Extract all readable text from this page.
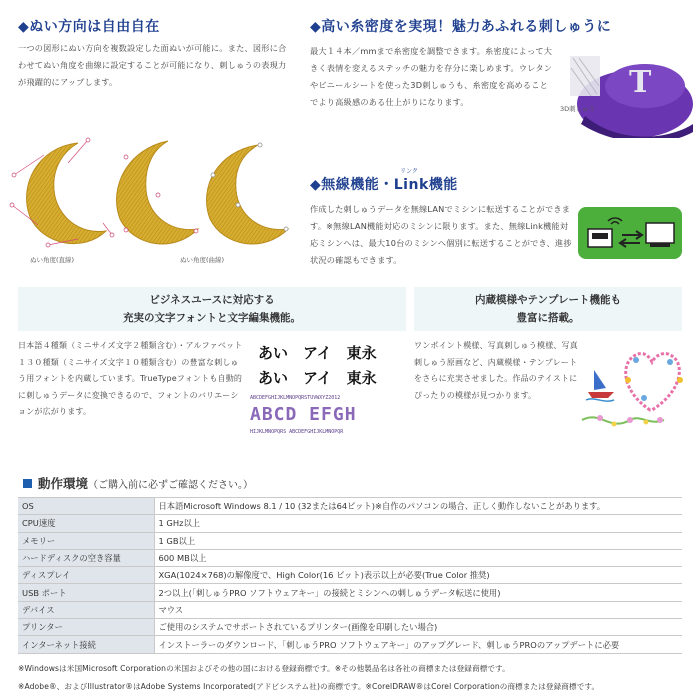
◆ぬい方向は自由自在
一つの図形にぬい方向を複数設定した面ぬいが可能に。また、図形に合わせてぬい角度を曲線に設定することが可能になり、刺しゅうの表現力が飛躍的にアップします。
ぬい角度(直線)	ぬい角度(曲線)
◆高い糸密度を実現！魅力あふれる刺しゅうに
最大１４本／mmまで糸密度を調整できます。糸密度によって大きく表情を変えるステッチの魅力を存分に楽しめます。ウレタンやビニールシートを使った3D刺しゅうも、糸密度を高めることでより高級感のある仕上がりになります。
T
3D刺しゅう
リンク
◆無線機能・Link機能
作成した刺しゅうデータを無線LANでミシンに転送することができます。※無線LAN機能対応のミシンに限ります。また、無線Link機能対応ミシンへは、最大10台のミシンへ個別に転送することができ、進捗状況の確認もできます。
ビジネスユースに対応する
充実の文字フォントと文字編集機能。
日本語４種類（ミニサイズ文字２種類含む）・アルファベット１３０種類（ミニサイズ文字１０種類含む）の豊富な刺しゅう用フォントを内蔵しています。TrueTypeフォントも自動的に刺しゅうデータに変換できるので、フォントのバリエーションが広がります。
あい　アイ　東永
あい　アイ　東永
ABCDEFGHIJKLMNOPQRSTUVWXYZ2012
ABCD EFGH
HIJKLMNOPQRS ABCDEFGHIJKLMNOPQR
内蔵模様やテンプレート機能も
豊富に搭載。
ワンポイント模様、写真刺しゅう模様、写真刺しゅう原画など、内蔵模様・テンプレートをさらに充実させました。作品のテイストにぴったりの模様が見つかります。
動作環境（ご購入前に必ずご確認ください。）
OS	日本語Microsoft Windows 8.1 / 10 (32または64ビット)※自作のパソコンの場合、正しく動作しないことがあります。
CPU速度	1 GHz以上
メモリー	1 GB以上
ハードディスクの空き容量	600 MB以上
ディスプレイ	XGA(1024×768)の解像度で、High Color(16 ビット)表示以上が必要(True Color 推奨)
USB ポート	2つ以上(「刺しゅうPRO ソフトウェアキー」の接続とミシンへの刺しゅうデータ転送に使用)
デバイス	マウス
プリンター	ご使用のシステムでサポートされているプリンター(画像を印刷したい場合)
インターネット接続	インストーラーのダウンロード、「刺しゅうPRO ソフトウェアキー」のアップグレード、刺しゅうPROのアップデートに必要
※Windowsは米国Microsoft Corporationの米国およびその他の国における登録商標です。※その他製品名は各社の商標または登録商標です。
※Adobe®、およびIllustrator®はAdobe Systems Incorporated(アドビシステム社)の商標です。※CorelDRAW®はCorel Corporationの商標または登録商標です。
